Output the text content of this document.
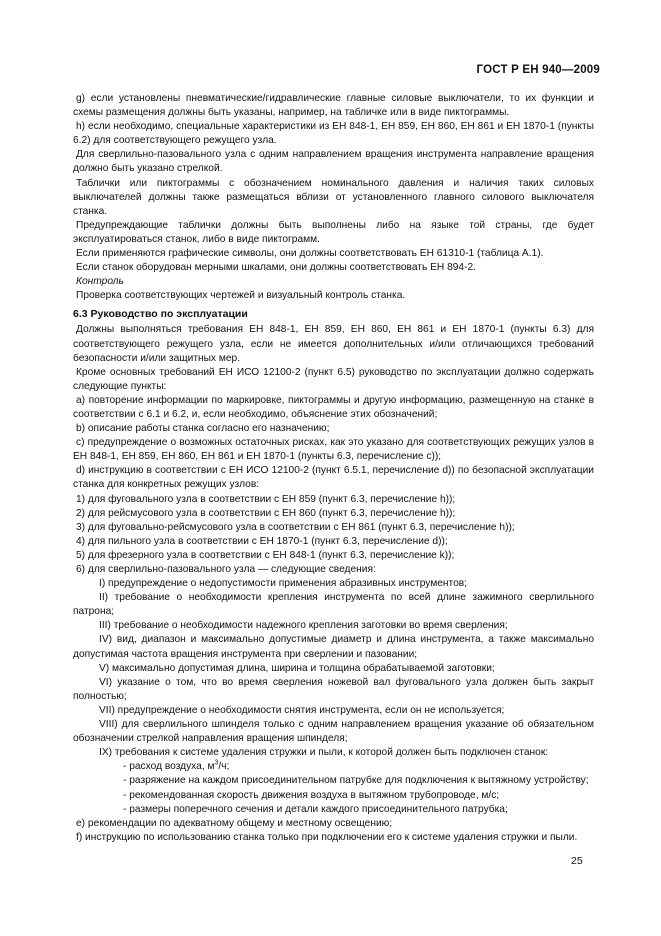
ГОСТ Р ЕН 940—2009

g) если установлены пневматические/гидравлические главные силовые выключатели, то их функции и схемы размещения должны быть указаны, например, на табличке или в виде пиктограммы.

h) если необходимо, специальные характеристики из ЕН 848-1, ЕН 859, ЕН 860, ЕН 861 и ЕН 1870-1 (пункты 6.2) для соответствующего режущего узла.

Для сверлильно-пазовального узла с одним направлением вращения инструмента направление вращения должно быть указано стрелкой.

Таблички или пиктограммы с обозначением номинального давления и наличия таких силовых выключателей должны также размещаться вблизи от установленного главного силового выключателя станка.

Предупреждающие таблички должны быть выполнены либо на языке той страны, где будет эксплуатироваться станок, либо в виде пиктограмм.

Если применяются графические символы, они должны соответствовать ЕН 61310-1 (таблица А.1).

Если станок оборудован мерными шкалами, они должны соответствовать ЕН 894-2.

Контроль

Проверка соответствующих чертежей и визуальный контроль станка.

6.3 Руководство по эксплуатации

Должны выполняться требования ЕН 848-1, ЕН 859, ЕН 860, ЕН 861 и ЕН 1870-1 (пункты 6.3) для соответствующего режущего узла, если не имеется дополнительных и/или отличающихся требований безопасности и/или защитных мер.

Кроме основных требований ЕН ИСО 12100-2 (пункт 6.5) руководство по эксплуатации должно содержать следующие пункты:

a) повторение информации по маркировке, пиктограммы и другую информацию, размещенную на станке в соответствии с 6.1 и 6.2, и, если необходимо, объяснение этих обозначений;

b) описание работы станка согласно его назначению;

c) предупреждение о возможных остаточных рисках, как это указано для соответствующих режущих узлов в ЕН 848-1, ЕН 859, ЕН 860, ЕН 861 и ЕН 1870-1 (пункты 6.3, перечисление с));

d) инструкцию в соответствии с ЕН ИСО 12100-2 (пункт 6.5.1, перечисление d)) по безопасной эксплуатации станка для конкретных режущих узлов:

1) для фуговального узла в соответствии с ЕН 859 (пункт 6.3, перечисление h));

2) для рейсмусового узла в соответствии с ЕН 860 (пункт 6.3, перечисление h));

3) для фуговально-рейсмусового узла в соответствии с ЕН 861 (пункт 6.3, перечисление h));

4) для пильного узла в соответствии с ЕН 1870-1 (пункт 6.3, перечисление d));

5) для фрезерного узла в соответствии с ЕН 848-1 (пункт 6.3, перечисление k));

6) для сверлильно-пазовального узла — следующие сведения:

I) предупреждение о недопустимости применения абразивных инструментов;

II) требование о необходимости крепления инструмента по всей длине зажимного сверлильного патрона;

III) требование о необходимости надежного крепления заготовки во время сверления;

IV) вид, диапазон и максимально допустимые диаметр и длина инструмента, а также максимально допустимая частота вращения инструмента при сверлении и пазовании;

V) максимально допустимая длина, ширина и толщина обрабатываемой заготовки;

VI) указание о том, что во время сверления ножевой вал фуговального узла должен быть закрыт полностью;

VII) предупреждение о необходимости снятия инструмента, если он не используется;

VIII) для сверлильного шпинделя только с одним направлением вращения указание об обязательном обозначении стрелкой направления вращения шпинделя;

IX) требования к системе удаления стружки и пыли, к которой должен быть подключен станок:

- расход воздуха, $м^3/ч$;

- разряжение на каждом присоединительном патрубке для подключения к вытяжному устройству;

- рекомендованная скорость движения воздуха в вытяжном трубопроводе, м/с;

- размеры поперечного сечения и детали каждого присоединительного патрубка;

e) рекомендации по адекватному общему и местному освещению;

f) инструкцию по использованию станка только при подключении его к системе удаления стружки и пыли.

25
